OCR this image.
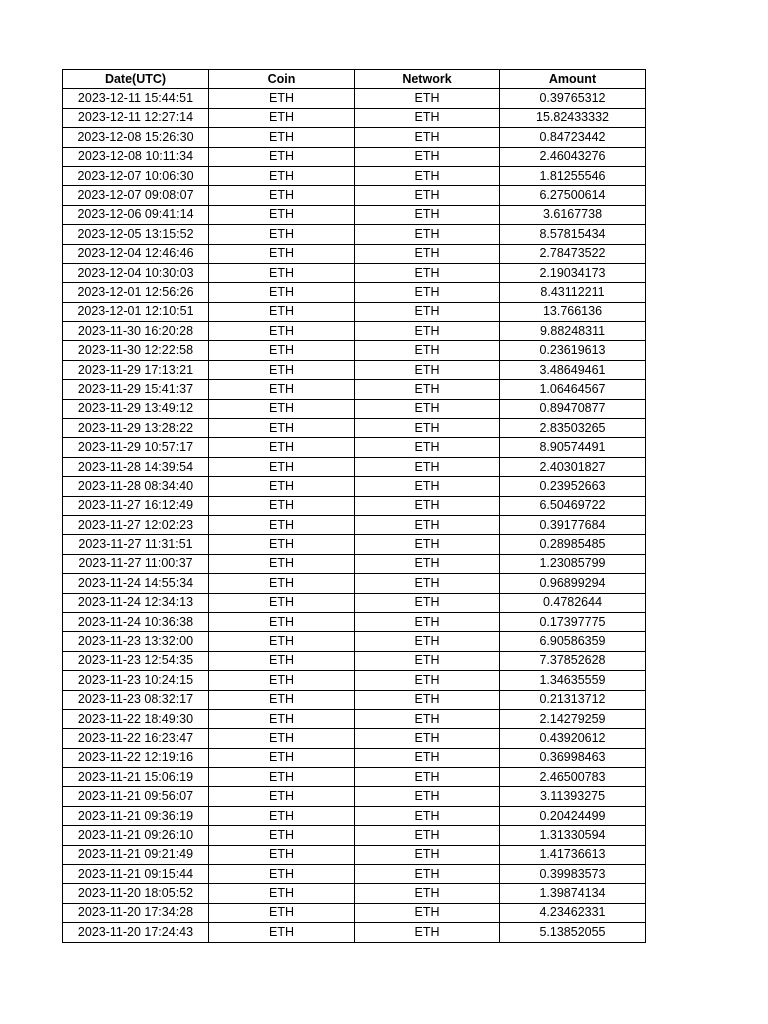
Date(UTC)	Coin	Network	Amount
2023-12-11 15:44:51	ETH	ETH	0.39765312
2023-12-11 12:27:14	ETH	ETH	15.82433332
2023-12-08 15:26:30	ETH	ETH	0.84723442
2023-12-08 10:11:34	ETH	ETH	2.46043276
2023-12-07 10:06:30	ETH	ETH	1.81255546
2023-12-07 09:08:07	ETH	ETH	6.27500614
2023-12-06 09:41:14	ETH	ETH	3.6167738
2023-12-05 13:15:52	ETH	ETH	8.57815434
2023-12-04 12:46:46	ETH	ETH	2.78473522
2023-12-04 10:30:03	ETH	ETH	2.19034173
2023-12-01 12:56:26	ETH	ETH	8.43112211
2023-12-01 12:10:51	ETH	ETH	13.766136
2023-11-30 16:20:28	ETH	ETH	9.88248311
2023-11-30 12:22:58	ETH	ETH	0.23619613
2023-11-29 17:13:21	ETH	ETH	3.48649461
2023-11-29 15:41:37	ETH	ETH	1.06464567
2023-11-29 13:49:12	ETH	ETH	0.89470877
2023-11-29 13:28:22	ETH	ETH	2.83503265
2023-11-29 10:57:17	ETH	ETH	8.90574491
2023-11-28 14:39:54	ETH	ETH	2.40301827
2023-11-28 08:34:40	ETH	ETH	0.23952663
2023-11-27 16:12:49	ETH	ETH	6.50469722
2023-11-27 12:02:23	ETH	ETH	0.39177684
2023-11-27 11:31:51	ETH	ETH	0.28985485
2023-11-27 11:00:37	ETH	ETH	1.23085799
2023-11-24 14:55:34	ETH	ETH	0.96899294
2023-11-24 12:34:13	ETH	ETH	0.4782644
2023-11-24 10:36:38	ETH	ETH	0.17397775
2023-11-23 13:32:00	ETH	ETH	6.90586359
2023-11-23 12:54:35	ETH	ETH	7.37852628
2023-11-23 10:24:15	ETH	ETH	1.34635559
2023-11-23 08:32:17	ETH	ETH	0.21313712
2023-11-22 18:49:30	ETH	ETH	2.14279259
2023-11-22 16:23:47	ETH	ETH	0.43920612
2023-11-22 12:19:16	ETH	ETH	0.36998463
2023-11-21 15:06:19	ETH	ETH	2.46500783
2023-11-21 09:56:07	ETH	ETH	3.11393275
2023-11-21 09:36:19	ETH	ETH	0.20424499
2023-11-21 09:26:10	ETH	ETH	1.31330594
2023-11-21 09:21:49	ETH	ETH	1.41736613
2023-11-21 09:15:44	ETH	ETH	0.39983573
2023-11-20 18:05:52	ETH	ETH	1.39874134
2023-11-20 17:34:28	ETH	ETH	4.23462331
2023-11-20 17:24:43	ETH	ETH	5.13852055
